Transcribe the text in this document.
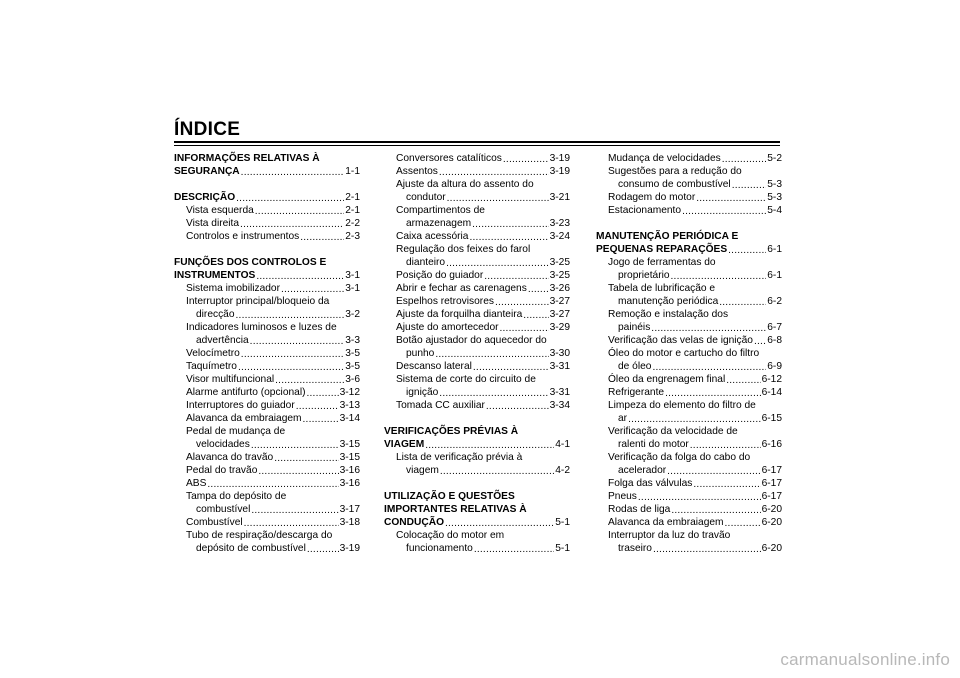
ÍNDICE
INFORMAÇÕES RELATIVAS À
SEGURANÇA .....	1-1
DESCRIÇÃO .....	2-1
Vista esquerda .....	2-1
Vista direita .....	2-2
Controlos e instrumentos .....	2-3
FUNÇÕES DOS CONTROLOS E
INSTRUMENTOS .....	3-1
Sistema imobilizador .....	3-1
Interruptor principal/bloqueio da
direcção .....	3-2
Indicadores luminosos e luzes de
advertência .....	3-3
Velocímetro .....	3-5
Taquímetro .....	3-5
Visor multifuncional .....	3-6
Alarme antifurto (opcional) .....	3-12
Interruptores do guiador .....	3-13
Alavanca da embraiagem .....	3-14
Pedal de mudança de
velocidades .....	3-15
Alavanca do travão .....	3-15
Pedal do travão .....	3-16
ABS .....	3-16
Tampa do depósito de
combustível .....	3-17
Combustível .....	3-18
Tubo de respiração/descarga do
depósito de combustível .....	3-19
Conversores catalíticos .....	3-19
Assentos .....	3-19
Ajuste da altura do assento do
condutor .....	3-21
Compartimentos de
armazenagem .....	3-23
Caixa acessória .....	3-24
Regulação dos feixes do farol
dianteiro .....	3-25
Posição do guiador .....	3-25
Abrir e fechar as carenagens ..... 3-26
Espelhos retrovisores .....	3-27
Ajuste da forquilha dianteira .....	3-27
Ajuste do amortecedor .....	3-29
Botão ajustador do aquecedor do
punho .....	3-30
Descanso lateral .....	3-31
Sistema de corte do circuito de
ignição .....	3-31
Tomada CC auxiliar .....	3-34
VERIFICAÇÕES PRÉVIAS À
VIAGEM .....	4-1
Lista de verificação prévia à
viagem .....	4-2
UTILIZAÇÃO E QUESTÕES
IMPORTANTES RELATIVAS À
CONDUÇÃO .....	5-1
Colocação do motor em
funcionamento .....	5-1
Mudança de velocidades .....	5-2
Sugestões para a redução do
consumo de combustível .....	5-3
Rodagem do motor .....	5-3
Estacionamento .....	5-4
MANUTENÇÃO PERIÓDICA E
PEQUENAS REPARAÇÕES .....	6-1
Jogo de ferramentas do
proprietário .....	6-1
Tabela de lubrificação e
manutenção periódica .....	6-2
Remoção e instalação dos
painéis .....	6-7
Verificação das velas de ignição ..... 6-8
Óleo do motor e cartucho do filtro
de óleo .....	6-9
Óleo da engrenagem final .....	6-12
Refrigerante .....	6-14
Limpeza do elemento do filtro de
ar .....	6-15
Verificação da velocidade de
ralenti do motor .....	6-16
Verificação da folga do cabo do
acelerador .....	6-17
Folga das válvulas .....	6-17
Pneus .....	6-17
Rodas de liga .....	6-20
Alavanca da embraiagem .....	6-20
Interruptor da luz do travão
traseiro .....	6-20
carmanualsonline.info
